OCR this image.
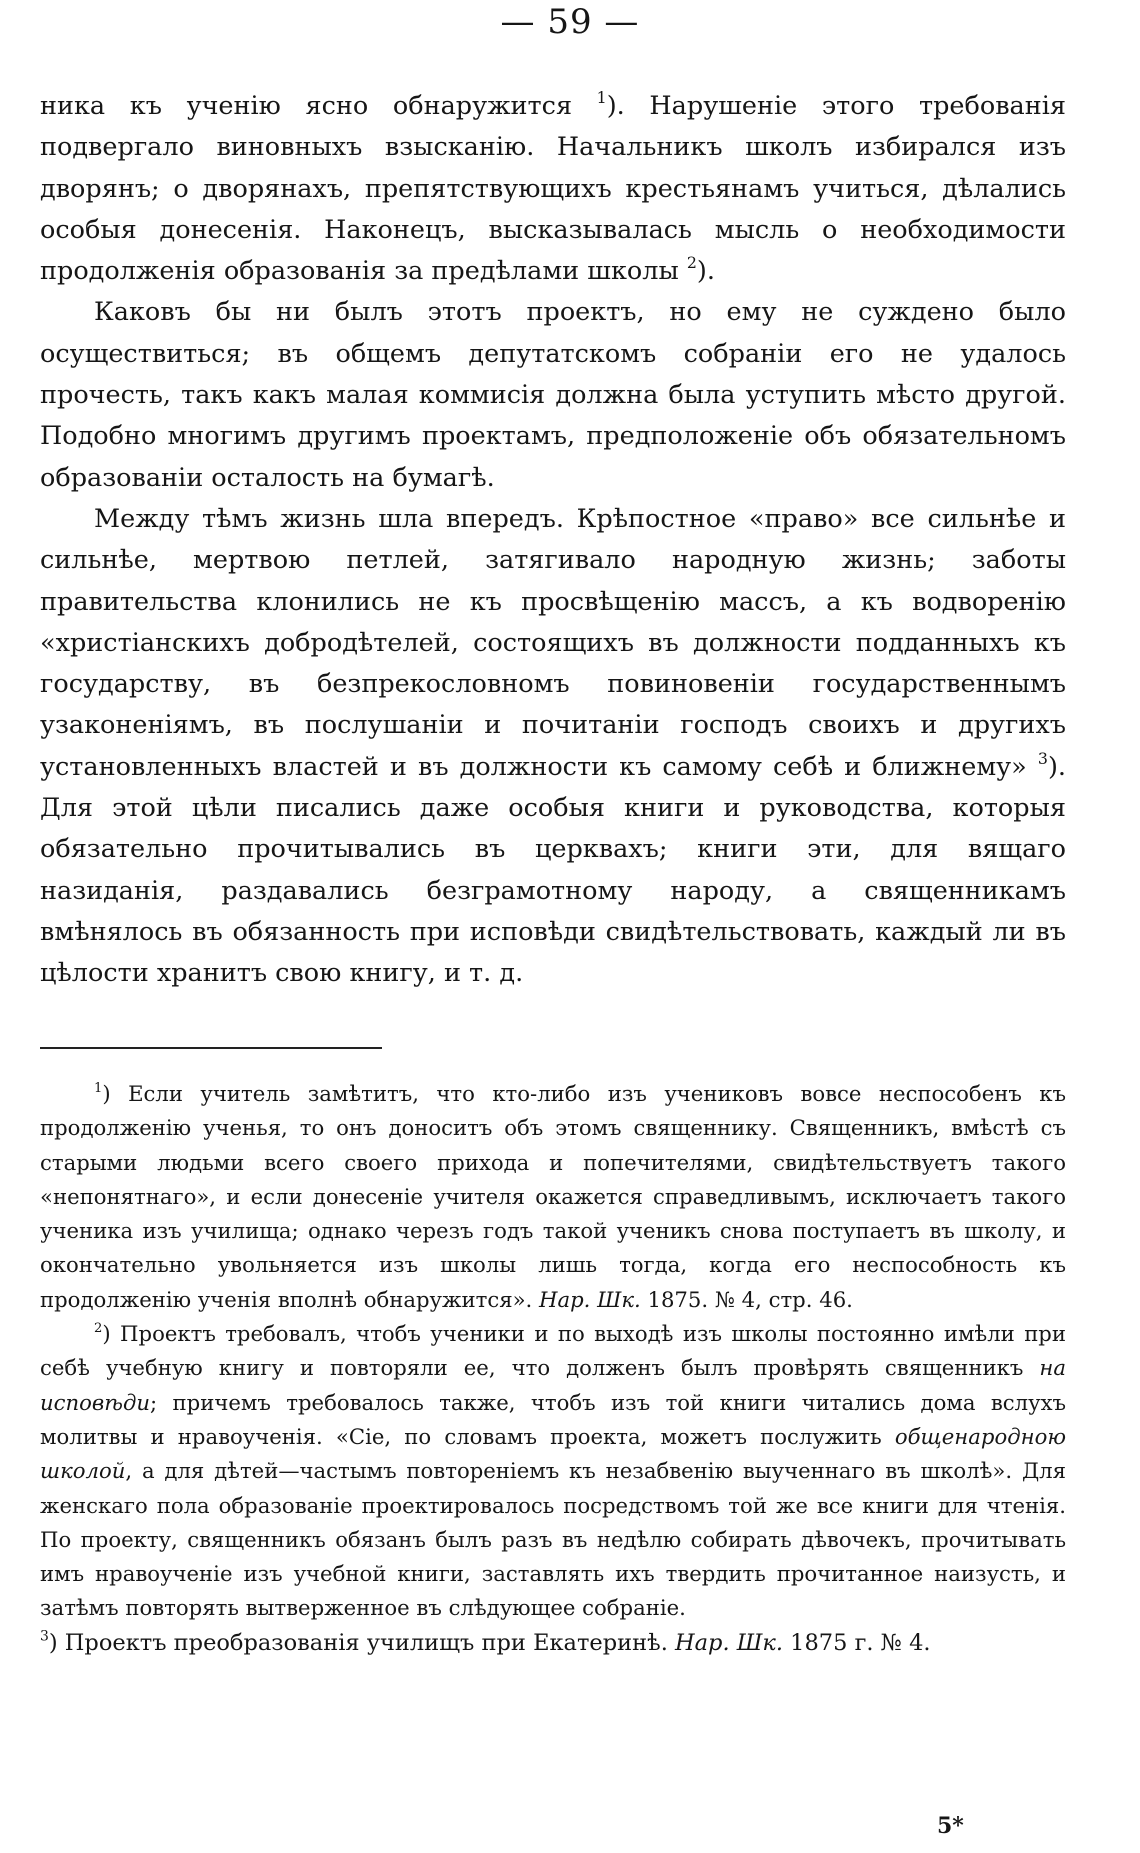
— 59 —

ника къ ученію ясно обнаружится $^1$). Нарушеніе этого требованія подвергало виновныхъ взысканію. Начальникъ школъ избирался изъ дворянъ; о дворянахъ, препятствующихъ крестьянамъ учиться, дѣлались особыя донесенія. Наконецъ, высказывалась мысль о необходимости продолженія образованія за предѣлами школы $^2$).

Каковъ бы ни былъ этотъ проектъ, но ему не суждено было осуществиться; въ общемъ депутатскомъ собраніи его не удалось прочесть, такъ какъ малая коммисія должна была уступить мѣсто другой. Подобно многимъ другимъ проектамъ, предположеніе объ обязательномъ образованіи осталость на бумагѣ.

Между тѣмъ жизнь шла впередъ. Крѣпостное «право» все сильнѣе и сильнѣе, мертвою петлей, затягивало народную жизнь; заботы правительства клонились не къ просвѣщенію массъ, а къ водворенію «христіанскихъ добродѣтелей, состоящихъ въ должности подданныхъ къ государству, въ безпрекословномъ повиновеніи государственнымъ узаконеніямъ, въ послушаніи и почитаніи господъ своихъ и другихъ установленныхъ властей и въ должности къ самому себѣ и ближнему» $^3$). Для этой цѣли писались даже особыя книги и руководства, которыя обязательно прочитывались въ церквахъ; книги эти, для вящаго назиданія, раздавались безграмотному народу, а священникамъ вмѣнялось въ обязанность при исповѣди свидѣтельствовать, каждый ли въ цѣлости хранитъ свою книгу, и т. д.

$^1$) Если учитель замѣтитъ, что кто-либо изъ учениковъ вовсе неспособенъ къ продолженію ученья, то онъ доноситъ объ этомъ священнику. Священникъ, вмѣстѣ съ старыми людьми всего своего прихода и попечителями, свидѣтельствуетъ такого «непонятнаго», и если донесеніе учителя окажется справедливымъ, исключаетъ такого ученика изъ училища; однако черезъ годъ такой ученикъ снова поступаетъ въ школу, и окончательно увольняется изъ школы лишь тогда, когда его неспособность къ продолженію ученія вполнѣ обнаружится». Нар. Шк. 1875. № 4, стр. 46.

$^2$) Проектъ требовалъ, чтобъ ученики и по выходѣ изъ школы постоянно имѣли при себѣ учебную книгу и повторяли ее, что долженъ былъ провѣрять священникъ на исповѣди; причемъ требовалось также, чтобъ изъ той книги читались дома вслухъ молитвы и нравоученія. «Сіе, по словамъ проекта, можетъ послужить общенародною школой, а для дѣтей—частымъ повтореніемъ къ незабвенію выученнаго въ школѣ». Для женскаго пола образованіе проектировалось посредствомъ той же все книги для чтенія. По проекту, священникъ обязанъ былъ разъ въ недѣлю собирать дѣвочекъ, прочитывать имъ нравоученіе изъ учебной книги, заставлять ихъ твердить прочитанное наизусть, и затѣмъ повторять вытверженное въ слѣдующее собраніе.

$^3$) Проектъ преобразованія училищъ при Екатеринѣ. Нар. Шк. 1875 г. № 4.

5*
